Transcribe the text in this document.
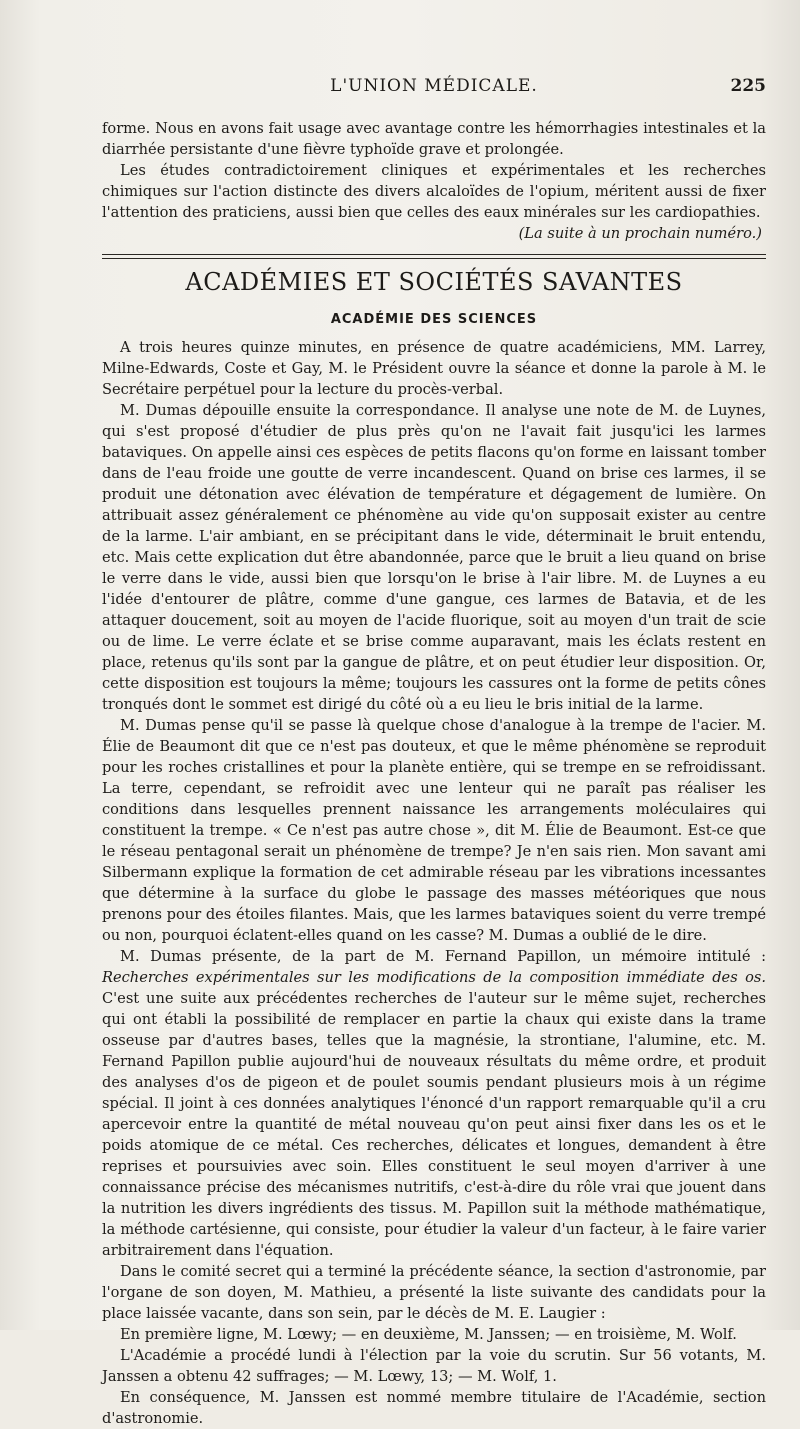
L'UNION MÉDICALE.	225

forme. Nous en avons fait usage avec avantage contre les hémorrhagies intestinales et la diarrhée persistante d'une fièvre typhoïde grave et prolongée.

Les études contradictoirement cliniques et expérimentales et les recherches chimiques sur l'action distincte des divers alcaloïdes de l'opium, méritent aussi de fixer l'attention des praticiens, aussi bien que celles des eaux minérales sur les cardiopathies.

(La suite à un prochain numéro.)

ACADÉMIES ET SOCIÉTÉS SAVANTES
ACADÉMIE DES SCIENCES

A trois heures quinze minutes, en présence de quatre académiciens, MM. Larrey, Milne-Edwards, Coste et Gay, M. le Président ouvre la séance et donne la parole à M. le Secrétaire perpétuel pour la lecture du procès-verbal.

M. Dumas dépouille ensuite la correspondance. Il analyse une note de M. de Luynes, qui s'est proposé d'étudier de plus près qu'on ne l'avait fait jusqu'ici les larmes bataviques. On appelle ainsi ces espèces de petits flacons qu'on forme en laissant tomber dans de l'eau froide une goutte de verre incandescent. Quand on brise ces larmes, il se produit une détonation avec élévation de température et dégagement de lumière. On attribuait assez généralement ce phénomène au vide qu'on supposait exister au centre de la larme. L'air ambiant, en se précipitant dans le vide, déterminait le bruit entendu, etc. Mais cette explication dut être abandonnée, parce que le bruit a lieu quand on brise le verre dans le vide, aussi bien que lorsqu'on le brise à l'air libre. M. de Luynes a eu l'idée d'entourer de plâtre, comme d'une gangue, ces larmes de Batavia, et de les attaquer doucement, soit au moyen de l'acide fluorique, soit au moyen d'un trait de scie ou de lime. Le verre éclate et se brise comme auparavant, mais les éclats restent en place, retenus qu'ils sont par la gangue de plâtre, et on peut étudier leur disposition. Or, cette disposition est toujours la même; toujours les cassures ont la forme de petits cônes tronqués dont le sommet est dirigé du côté où a eu lieu le bris initial de la larme.

M. Dumas pense qu'il se passe là quelque chose d'analogue à la trempe de l'acier. M. Élie de Beaumont dit que ce n'est pas douteux, et que le même phénomène se reproduit pour les roches cristallines et pour la planète entière, qui se trempe en se refroidissant. La terre, cependant, se refroidit avec une lenteur qui ne paraît pas réaliser les conditions dans lesquelles prennent naissance les arrangements moléculaires qui constituent la trempe. « Ce n'est pas autre chose », dit M. Élie de Beaumont. Est-ce que le réseau pentagonal serait un phénomène de trempe? Je n'en sais rien. Mon savant ami Silbermann explique la formation de cet admirable réseau par les vibrations incessantes que détermine à la surface du globe le passage des masses météoriques que nous prenons pour des étoiles filantes. Mais, que les larmes bataviques soient du verre trempé ou non, pourquoi éclatent-elles quand on les casse? M. Dumas a oublié de le dire.

M. Dumas présente, de la part de M. Fernand Papillon, un mémoire intitulé : Recherches expérimentales sur les modifications de la composition immédiate des os. C'est une suite aux précédentes recherches de l'auteur sur le même sujet, recherches qui ont établi la possibilité de remplacer en partie la chaux qui existe dans la trame osseuse par d'autres bases, telles que la magnésie, la strontiane, l'alumine, etc. M. Fernand Papillon publie aujourd'hui de nouveaux résultats du même ordre, et produit des analyses d'os de pigeon et de poulet soumis pendant plusieurs mois à un régime spécial. Il joint à ces données analytiques l'énoncé d'un rapport remarquable qu'il a cru apercevoir entre la quantité de métal nouveau qu'on peut ainsi fixer dans les os et le poids atomique de ce métal. Ces recherches, délicates et longues, demandent à être reprises et poursuivies avec soin. Elles constituent le seul moyen d'arriver à une connaissance précise des mécanismes nutritifs, c'est-à-dire du rôle vrai que jouent dans la nutrition les divers ingrédients des tissus. M. Papillon suit la méthode mathématique, la méthode cartésienne, qui consiste, pour étudier la valeur d'un facteur, à le faire varier arbitrairement dans l'équation.

Dans le comité secret qui a terminé la précédente séance, la section d'astronomie, par l'organe de son doyen, M. Mathieu, a présenté la liste suivante des candidats pour la place laissée vacante, dans son sein, par le décès de M. E. Laugier :

En première ligne, M. Lœwy; — en deuxième, M. Janssen; — en troisième, M. Wolf.

L'Académie a procédé lundi à l'élection par la voie du scrutin. Sur 56 votants, M. Janssen a obtenu 42 suffrages; — M. Lœwy, 13; — M. Wolf, 1.

En conséquence, M. Janssen est nommé membre titulaire de l'Académie, section d'astronomie.
